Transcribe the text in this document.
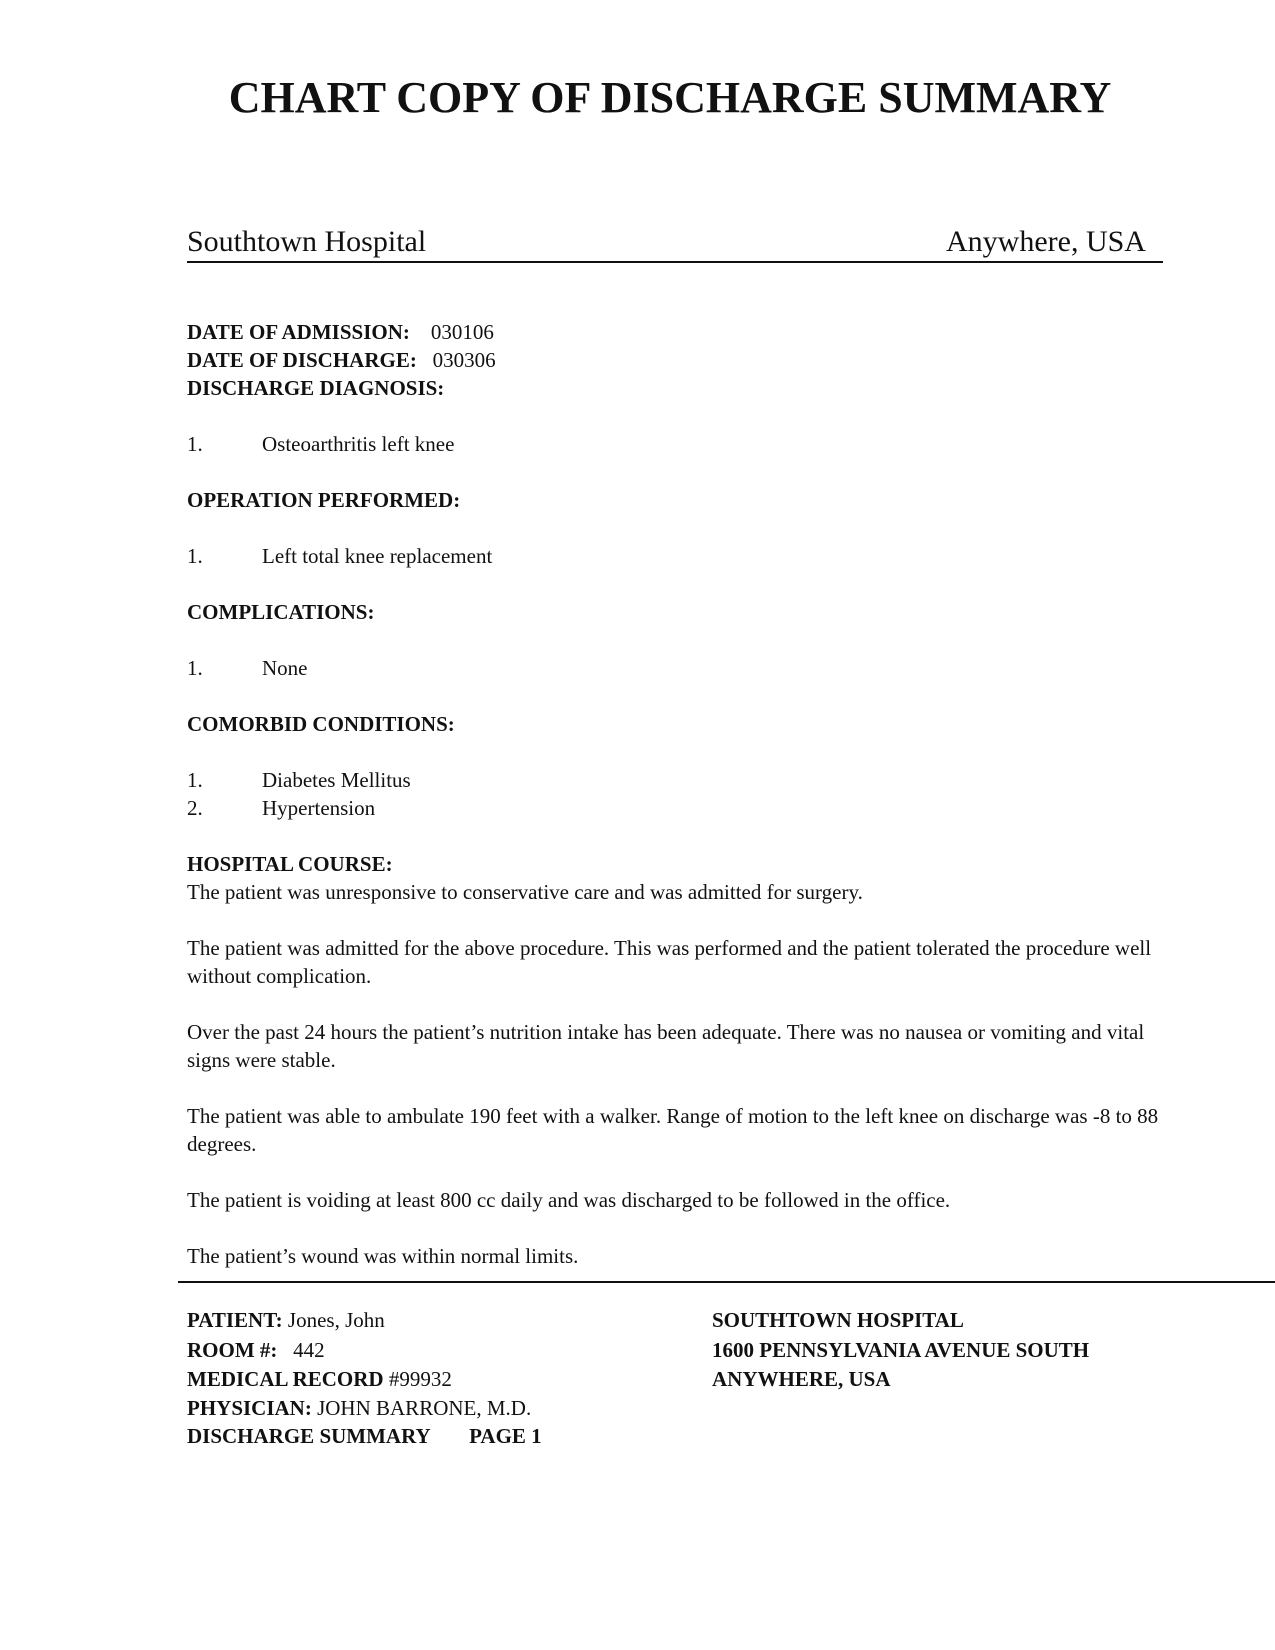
CHART COPY OF DISCHARGE SUMMARY
Southtown Hospital	Anywhere, USA
DATE OF ADMISSION: 030106
DATE OF DISCHARGE: 030306
DISCHARGE DIAGNOSIS:
1.	Osteoarthritis left knee
OPERATION PERFORMED:
1.	Left total knee replacement
COMPLICATIONS:
1.	None
COMORBID CONDITIONS:
1.	Diabetes Mellitus
2.	Hypertension
HOSPITAL COURSE:
The patient was unresponsive to conservative care and was admitted for surgery.
The patient was admitted for the above procedure. This was performed and the patient tolerated the procedure well without complication.
Over the past 24 hours the patient’s nutrition intake has been adequate. There was no nausea or vomiting and vital signs were stable.
The patient was able to ambulate 190 feet with a walker. Range of motion to the left knee on discharge was -8 to 88 degrees.
The patient is voiding at least 800 cc daily and was discharged to be followed in the office.
The patient’s wound was within normal limits.
PATIENT: Jones, John
ROOM #: 442
MEDICAL RECORD #99932
PHYSICIAN: JOHN BARRONE, M.D.
DISCHARGE SUMMARY PAGE 1
SOUTHTOWN HOSPITAL
1600 PENNSYLVANIA AVENUE SOUTH
ANYWHERE, USA
